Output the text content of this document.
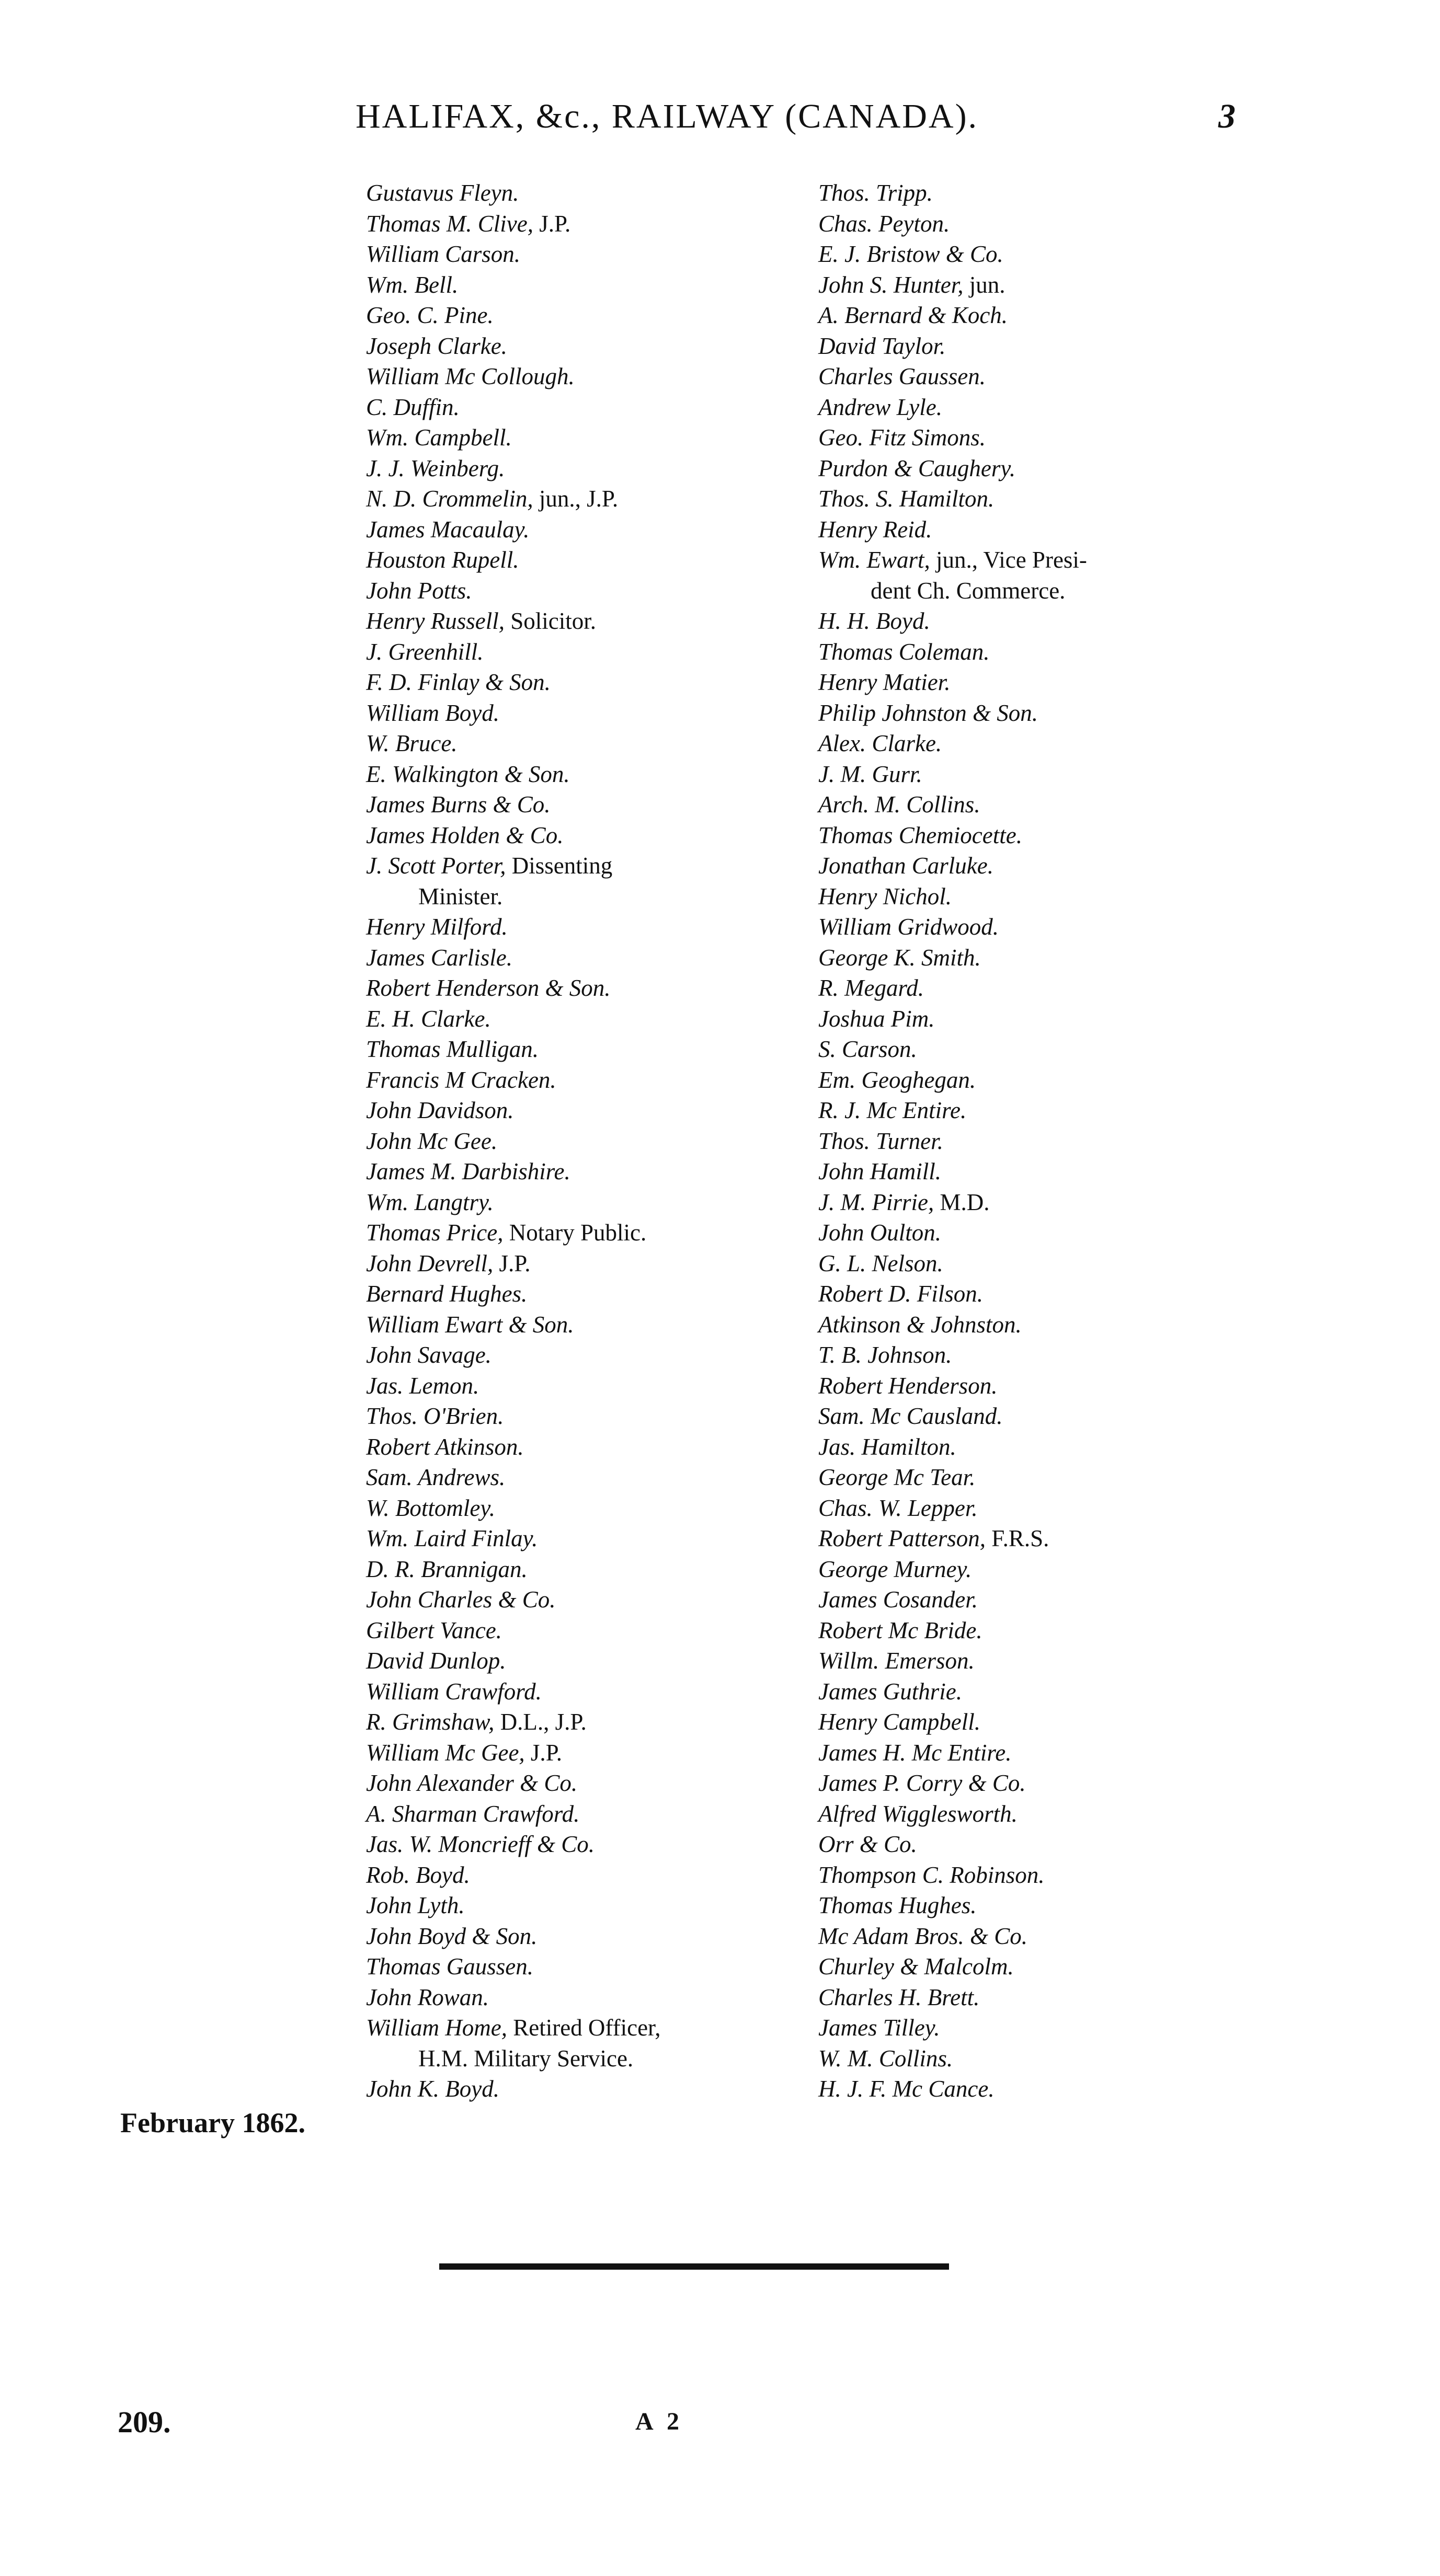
HALIFAX, &c., RAILWAY (CANADA).	3
Gustavus Fleyn.
Thomas M. Clive, J.P.
William Carson.
Wm. Bell.
Geo. C. Pine.
Joseph Clarke.
William Mc Collough.
C. Duffin.
Wm. Campbell.
J. J. Weinberg.
N. D. Crommelin, jun., J.P.
James Macaulay.
Houston Rupell.
John Potts.
Henry Russell, Solicitor.
J. Greenhill.
F. D. Finlay & Son.
William Boyd.
W. Bruce.
E. Walkington & Son.
James Burns & Co.
James Holden & Co.
J. Scott Porter, Dissenting
Minister.
Henry Milford.
James Carlisle.
Robert Henderson & Son.
E. H. Clarke.
Thomas Mulligan.
Francis M Cracken.
John Davidson.
John Mc Gee.
James M. Darbishire.
Wm. Langtry.
Thomas Price, Notary Public.
John Devrell, J.P.
Bernard Hughes.
William Ewart & Son.
John Savage.
Jas. Lemon.
Thos. O'Brien.
Robert Atkinson.
Sam. Andrews.
W. Bottomley.
Wm. Laird Finlay.
D. R. Brannigan.
John Charles & Co.
Gilbert Vance.
David Dunlop.
William Crawford.
R. Grimshaw, D.L., J.P.
William Mc Gee, J.P.
John Alexander & Co.
A. Sharman Crawford.
Jas. W. Moncrieff & Co.
Rob. Boyd.
John Lyth.
John Boyd & Son.
Thomas Gaussen.
John Rowan.
William Home, Retired Officer,
H.M. Military Service.
John K. Boyd.
Thos. Tripp.
Chas. Peyton.
E. J. Bristow & Co.
John S. Hunter, jun.
A. Bernard & Koch.
David Taylor.
Charles Gaussen.
Andrew Lyle.
Geo. Fitz Simons.
Purdon & Caughery.
Thos. S. Hamilton.
Henry Reid.
Wm. Ewart, jun., Vice Presi-
dent Ch. Commerce.
H. H. Boyd.
Thomas Coleman.
Henry Matier.
Philip Johnston & Son.
Alex. Clarke.
J. M. Gurr.
Arch. M. Collins.
Thomas Chemiocette.
Jonathan Carluke.
Henry Nichol.
William Gridwood.
George K. Smith.
R. Megard.
Joshua Pim.
S. Carson.
Em. Geoghegan.
R. J. Mc Entire.
Thos. Turner.
John Hamill.
J. M. Pirrie, M.D.
John Oulton.
G. L. Nelson.
Robert D. Filson.
Atkinson & Johnston.
T. B. Johnson.
Robert Henderson.
Sam. Mc Causland.
Jas. Hamilton.
George Mc Tear.
Chas. W. Lepper.
Robert Patterson, F.R.S.
George Murney.
James Cosander.
Robert Mc Bride.
Willm. Emerson.
James Guthrie.
Henry Campbell.
James H. Mc Entire.
James P. Corry & Co.
Alfred Wigglesworth.
Orr & Co.
Thompson C. Robinson.
Thomas Hughes.
Mc Adam Bros. & Co.
Churley & Malcolm.
Charles H. Brett.
James Tilley.
W. M. Collins.
H. J. F. Mc Cance.
February 1862.
209.	A 2
